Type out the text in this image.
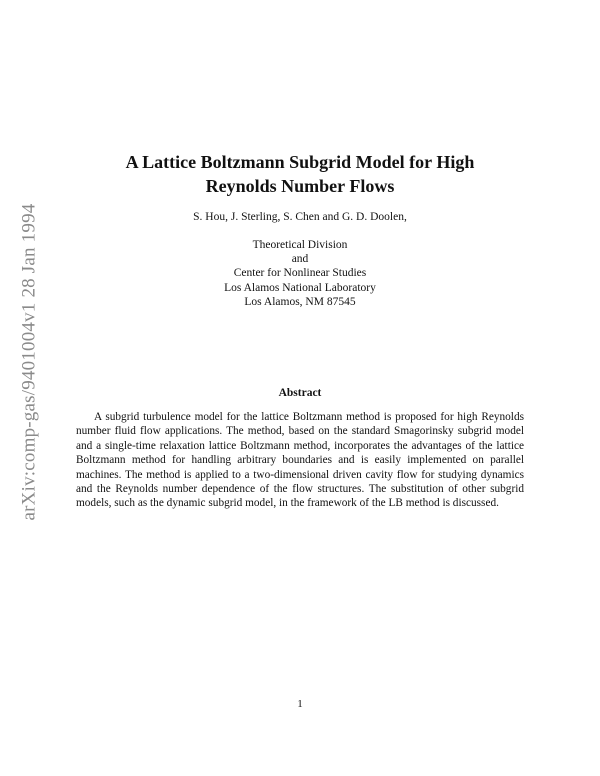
arXiv:comp-gas/9401004v1 28 Jan 1994
A Lattice Boltzmann Subgrid Model for High
Reynolds Number Flows
S. Hou, J. Sterling, S. Chen and G. D. Doolen,
Theoretical Division
and
Center for Nonlinear Studies
Los Alamos National Laboratory
Los Alamos, NM 87545
Abstract

A subgrid turbulence model for the lattice Boltzmann method is proposed for high Reynolds number fluid flow applications. The method, based on the standard Smagorinsky subgrid model and a single-time relaxation lattice Boltzmann method, incorporates the advantages of the lattice Boltzmann method for handling arbitrary boundaries and is easily implemented on parallel machines. The method is applied to a two-dimensional driven cavity flow for studying dynamics and the Reynolds number dependence of the flow structures. The substitution of other subgrid models, such as the dynamic subgrid model, in the framework of the LB method is discussed.

1
